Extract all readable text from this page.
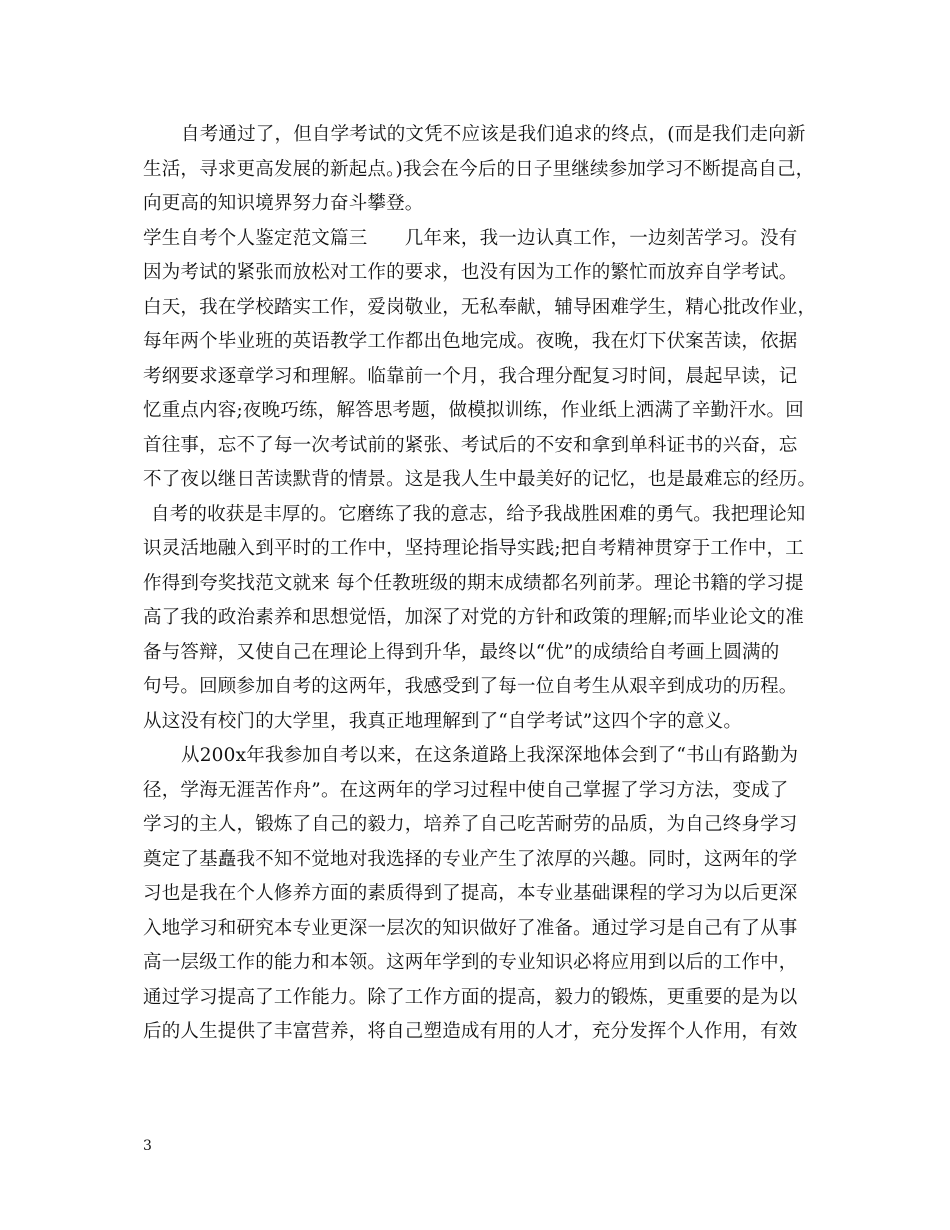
自考通过了，但自学考试的文凭不应该是我们追求的终点，(而是我们走向新
生活，寻求更高发展的新起点。)我会在今后的日子里继续参加学习不断提高自己，
向更高的知识境界努力奋斗攀登。
学生自考个人鉴定范文篇三　　几年来，我一边认真工作，一边刻苦学习。没有
因为考试的紧张而放松对工作的要求，也没有因为工作的繁忙而放弃自学考试。
白天，我在学校踏实工作，爱岗敬业，无私奉献，辅导困难学生，精心批改作业，
每年两个毕业班的英语教学工作都出色地完成。夜晚，我在灯下伏案苦读，依据
考纲要求逐章学习和理解。临靠前一个月，我合理分配复习时间，晨起早读，记
忆重点内容;夜晚巧练，解答思考题，做模拟训练，作业纸上洒满了辛勤汗水。回
首往事，忘不了每一次考试前的紧张、考试后的不安和拿到单科证书的兴奋，忘
不了夜以继日苦读默背的情景。这是我人生中最美好的记忆，也是最难忘的经历。
自考的收获是丰厚的。它磨练了我的意志，给予我战胜困难的勇气。我把理论知
识灵活地融入到平时的工作中，坚持理论指导实践;把自考精神贯穿于工作中，工
作得到夸奖找范文就来 每个任教班级的期末成绩都名列前茅。理论书籍的学习提
高了我的政治素养和思想觉悟，加深了对党的方针和政策的理解;而毕业论文的准
备与答辩，又使自己在理论上得到升华，最终以“优”的成绩给自考画上圆满的
句号。回顾参加自考的这两年，我感受到了每一位自考生从艰辛到成功的历程。
从这没有校门的大学里，我真正地理解到了“自学考试”这四个字的意义。
从200x年我参加自考以来，在这条道路上我深深地体会到了“书山有路勤为
径，学海无涯苦作舟”。在这两年的学习过程中使自己掌握了学习方法，变成了
学习的主人，锻炼了自己的毅力，培养了自己吃苦耐劳的品质，为自己终身学习
奠定了基矗我不知不觉地对我选择的专业产生了浓厚的兴趣。同时，这两年的学
习也是我在个人修养方面的素质得到了提高，本专业基础课程的学习为以后更深
入地学习和研究本专业更深一层次的知识做好了准备。通过学习是自己有了从事
高一层级工作的能力和本领。这两年学到的专业知识必将应用到以后的工作中，
通过学习提高了工作能力。除了工作方面的提高，毅力的锻炼，更重要的是为以
后的人生提供了丰富营养，将自己塑造成有用的人才，充分发挥个人作用，有效
3
